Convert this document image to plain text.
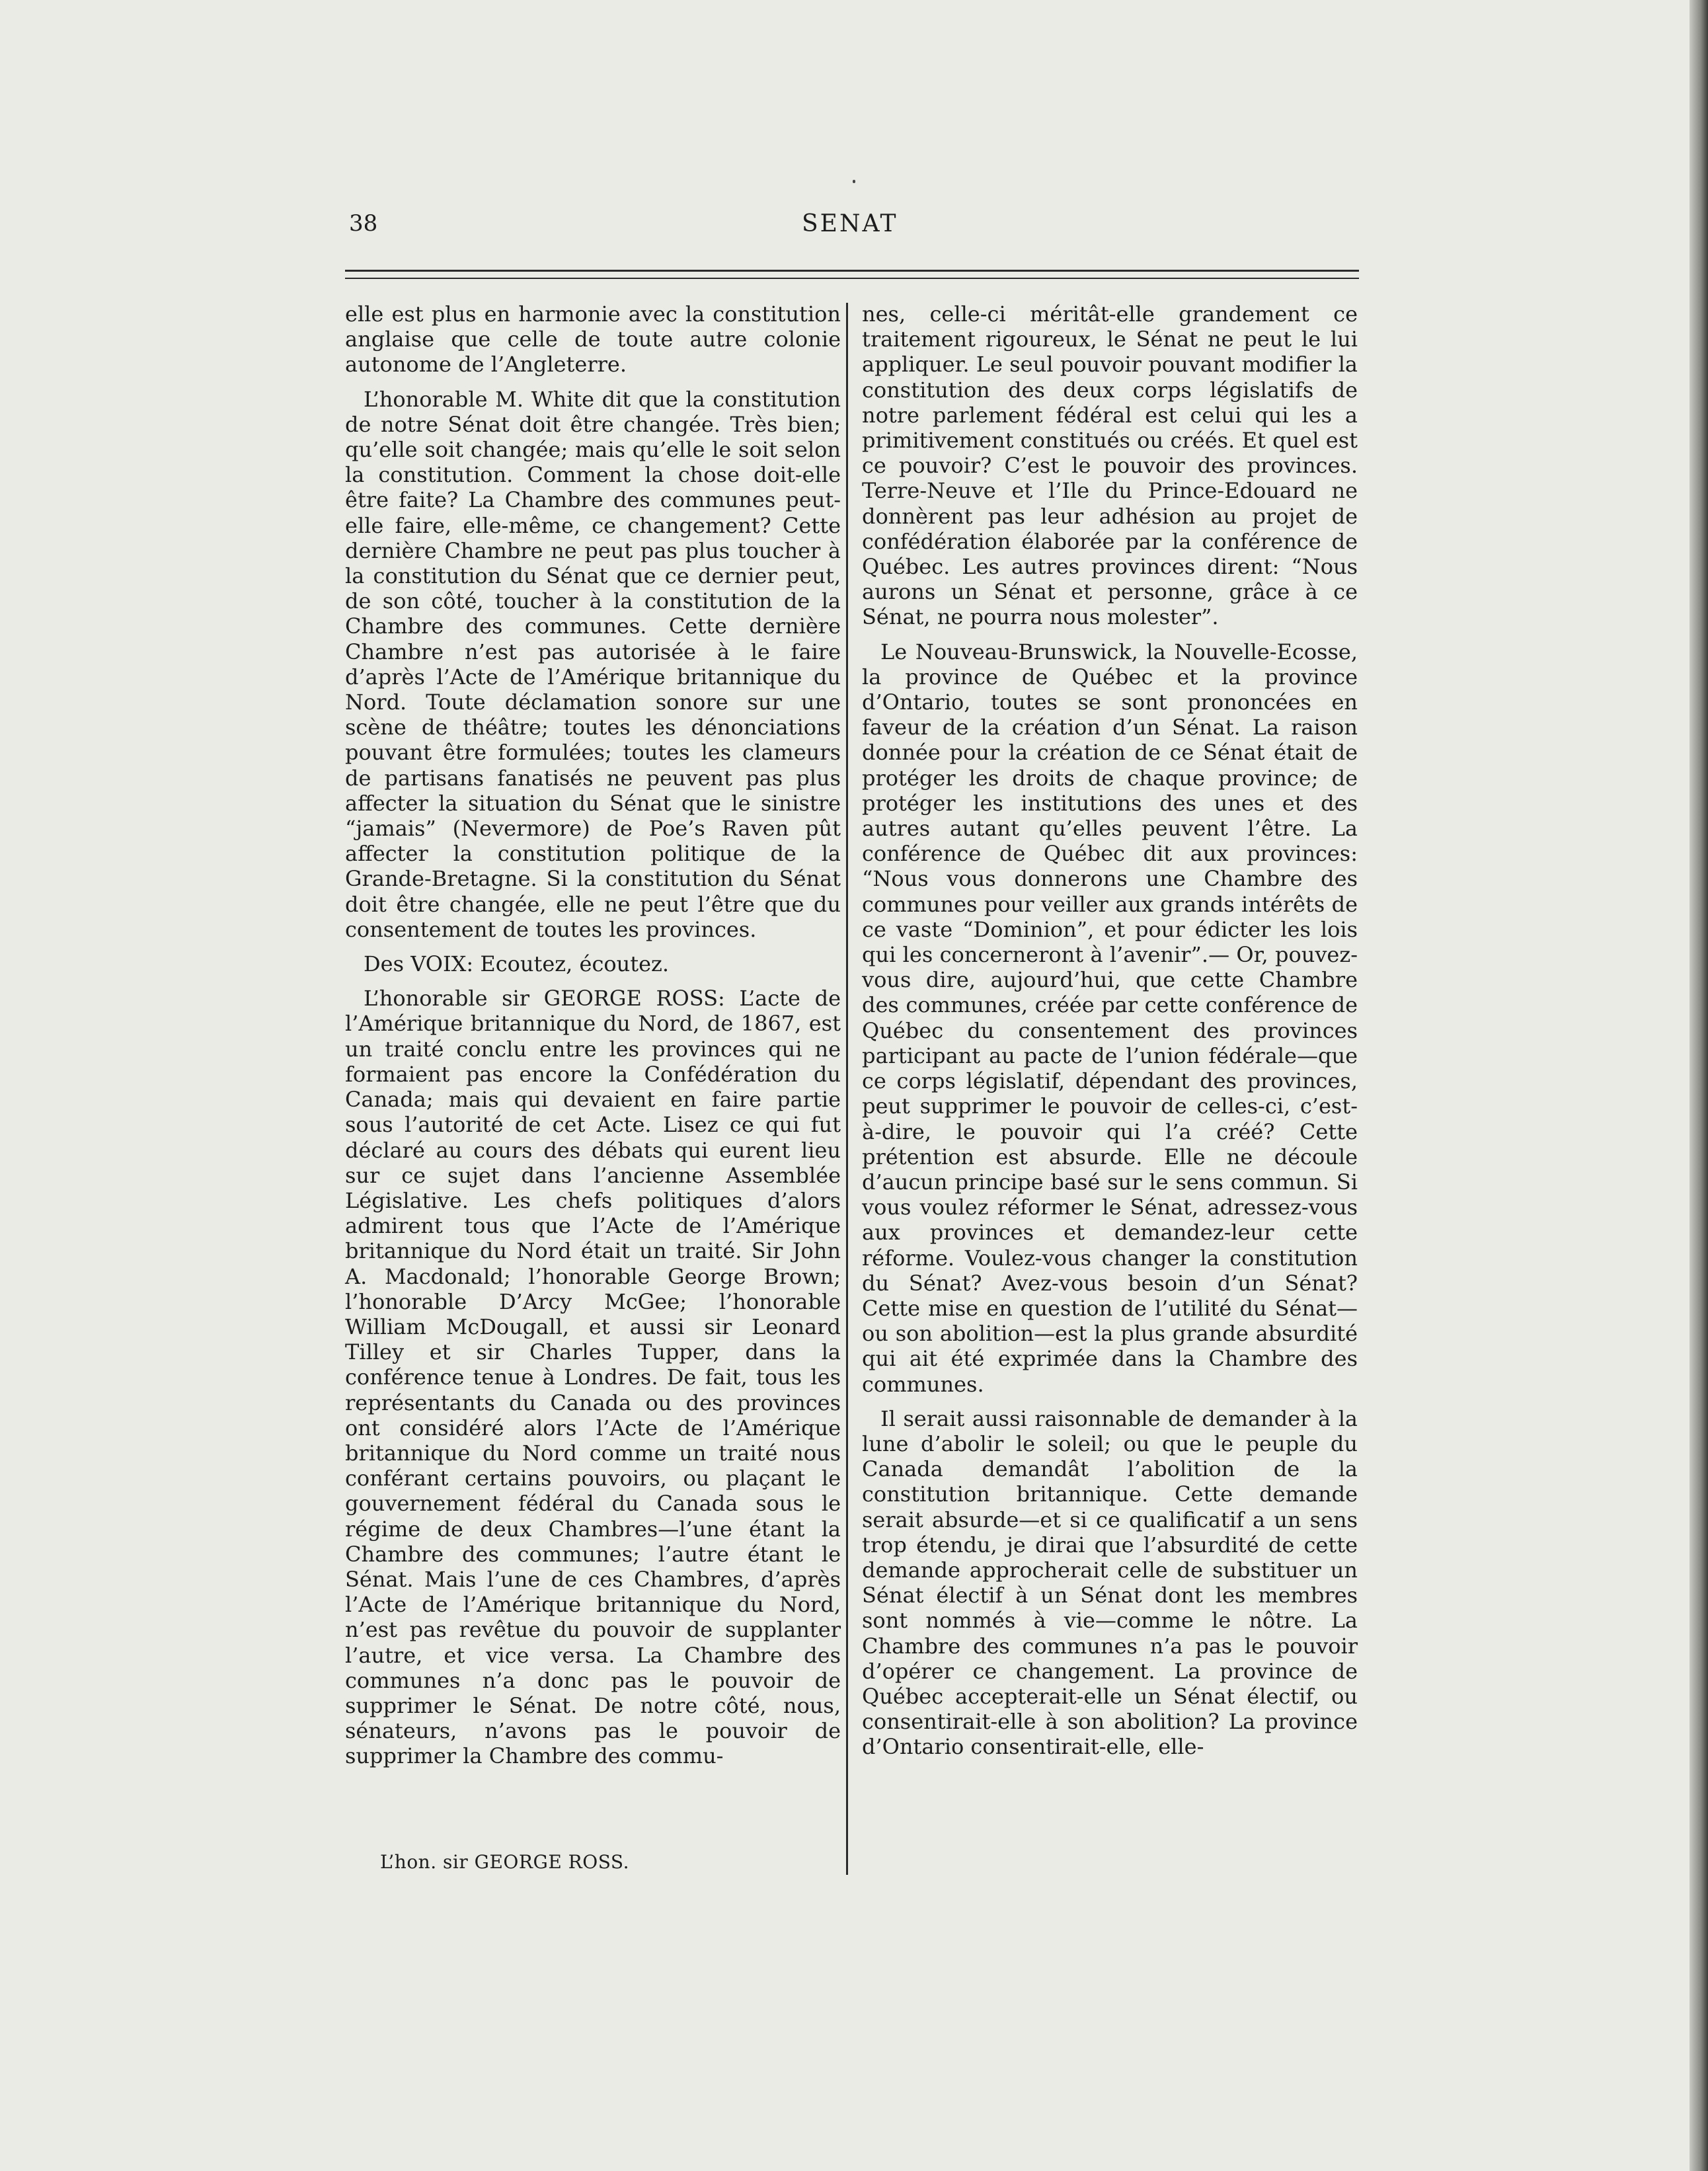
38	SENAT

elle est plus en harmonie avec la constitution anglaise que celle de toute autre colonie autonome de l’Angleterre.

L’honorable M. White dit que la constitution de notre Sénat doit être changée. Très bien; qu’elle soit changée; mais qu’elle le soit selon la constitution. Comment la chose doit-elle être faite? La Chambre des communes peut-elle faire, elle-même, ce changement? Cette dernière Chambre ne peut pas plus toucher à la constitution du Sénat que ce dernier peut, de son côté, toucher à la constitution de la Chambre des communes. Cette dernière Chambre n’est pas autorisée à le faire d’après l’Acte de l’Amérique britannique du Nord. Toute déclamation sonore sur une scène de théâtre; toutes les dénonciations pouvant être formulées; toutes les clameurs de partisans fanatisés ne peuvent pas plus affecter la situation du Sénat que le sinistre “jamais” (Nevermore) de Poe’s Raven pût affecter la constitution politique de la Grande-Bretagne. Si la constitution du Sénat doit être changée, elle ne peut l’être que du consentement de toutes les provinces.

Des VOIX: Ecoutez, écoutez.

L’honorable sir GEORGE ROSS: L’acte de l’Amérique britannique du Nord, de 1867, est un traité conclu entre les provinces qui ne formaient pas encore la Confédération du Canada; mais qui devaient en faire partie sous l’autorité de cet Acte. Lisez ce qui fut déclaré au cours des débats qui eurent lieu sur ce sujet dans l’ancienne Assemblée Législative. Les chefs politiques d’alors admirent tous que l’Acte de l’Amérique britannique du Nord était un traité. Sir John A. Macdonald; l’honorable George Brown; l’honorable D’Arcy McGee; l’honorable William McDougall, et aussi sir Leonard Tilley et sir Charles Tupper, dans la conférence tenue à Londres. De fait, tous les représentants du Canada ou des provinces ont considéré alors l’Acte de l’Amérique britannique du Nord comme un traité nous conférant certains pouvoirs, ou plaçant le gouvernement fédéral du Canada sous le régime de deux Chambres—l’une étant la Chambre des communes; l’autre étant le Sénat. Mais l’une de ces Chambres, d’après l’Acte de l’Amérique britannique du Nord, n’est pas revêtue du pouvoir de supplanter l’autre, et vice versa. La Chambre des communes n’a donc pas le pouvoir de supprimer le Sénat. De notre côté, nous, sénateurs, n’avons pas le pouvoir de supprimer la Chambre des commu-

nes, celle-ci méritât-elle grandement ce traitement rigoureux, le Sénat ne peut le lui appliquer. Le seul pouvoir pouvant modifier la constitution des deux corps législatifs de notre parlement fédéral est celui qui les a primitivement constitués ou créés. Et quel est ce pouvoir? C’est le pouvoir des provinces. Terre-Neuve et l’Ile du Prince-Edouard ne donnèrent pas leur adhésion au projet de confédération élaborée par la conférence de Québec. Les autres provinces dirent: “Nous aurons un Sénat et personne, grâce à ce Sénat, ne pourra nous molester”.

Le Nouveau-Brunswick, la Nouvelle-Ecosse, la province de Québec et la province d’Ontario, toutes se sont prononcées en faveur de la création d’un Sénat. La raison donnée pour la création de ce Sénat était de protéger les droits de chaque province; de protéger les institutions des unes et des autres autant qu’elles peuvent l’être. La conférence de Québec dit aux provinces: “Nous vous donnerons une Chambre des communes pour veiller aux grands intérêts de ce vaste “Dominion”, et pour édicter les lois qui les concerneront à l’avenir”.— Or, pouvez-vous dire, aujourd’hui, que cette Chambre des communes, créée par cette conférence de Québec du consentement des provinces participant au pacte de l’union fédérale—que ce corps législatif, dépendant des provinces, peut supprimer le pouvoir de celles-ci, c’est-à-dire, le pouvoir qui l’a créé? Cette prétention est absurde. Elle ne découle d’aucun principe basé sur le sens commun. Si vous voulez réformer le Sénat, adressez-vous aux provinces et demandez-leur cette réforme. Voulez-vous changer la constitution du Sénat? Avez-vous besoin d’un Sénat? Cette mise en question de l’utilité du Sénat—ou son abolition—est la plus grande absurdité qui ait été exprimée dans la Chambre des communes.

Il serait aussi raisonnable de demander à la lune d’abolir le soleil; ou que le peuple du Canada demandât l’abolition de la constitution britannique. Cette demande serait absurde—et si ce qualificatif a un sens trop étendu, je dirai que l’absurdité de cette demande approcherait celle de substituer un Sénat électif à un Sénat dont les membres sont nommés à vie—comme le nôtre. La Chambre des communes n’a pas le pouvoir d’opérer ce changement. La province de Québec accepterait-elle un Sénat électif, ou consentirait-elle à son abolition? La province d’Ontario consentirait-elle, elle-

L’hon. sir GEORGE ROSS.
